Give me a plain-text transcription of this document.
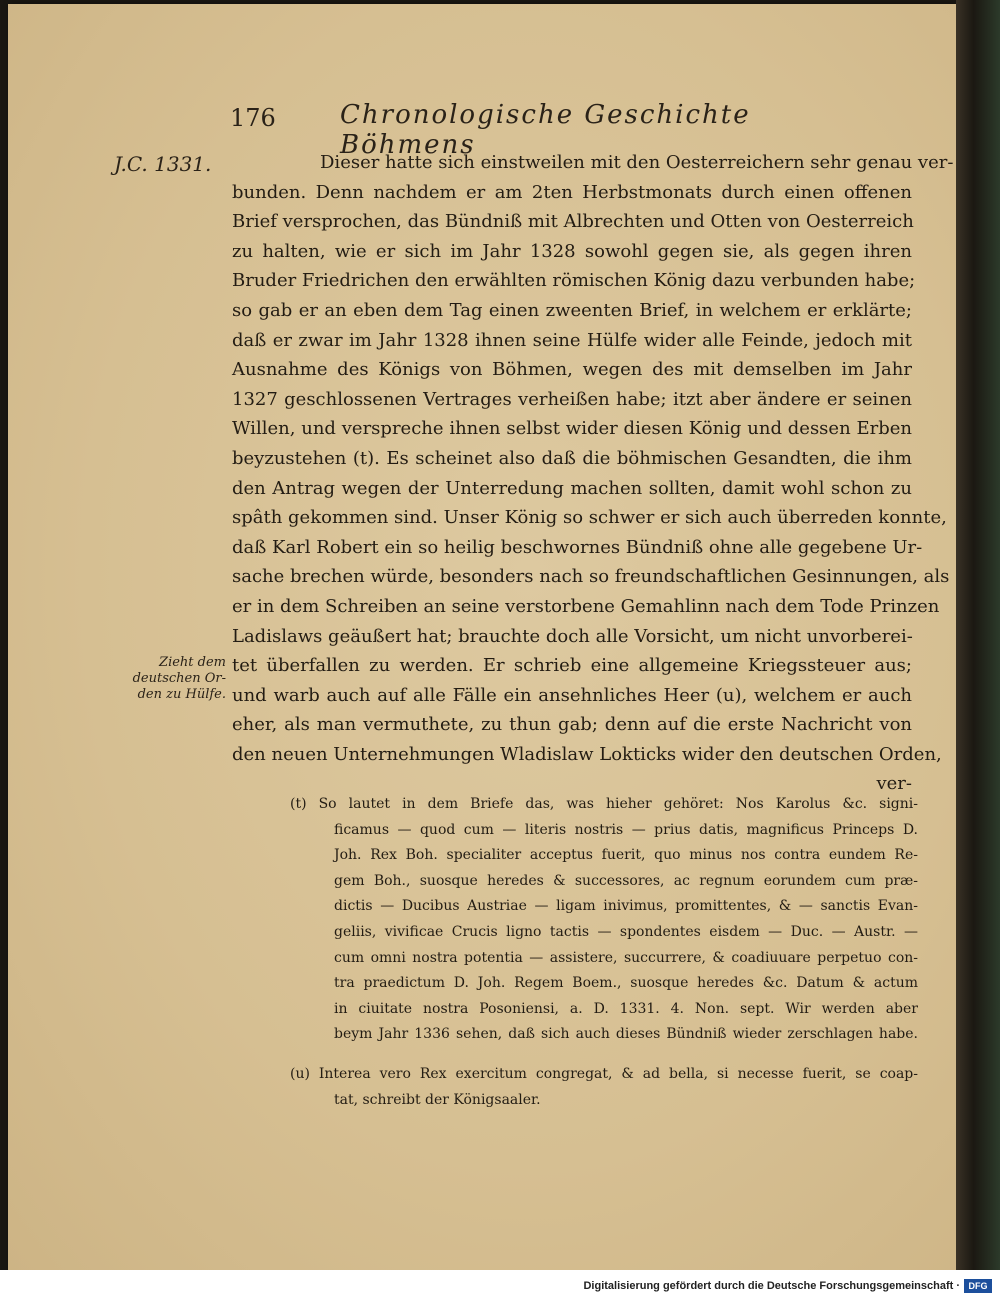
176 Chronologische Geschichte Böhmens
J.C. 1331.
Zieht dem
deutschen Or-
den zu Hülfe.
Dieser hatte sich einstweilen mit den Oesterreichern sehr genau ver-
bunden. Denn nachdem er am 2ten Herbstmonats durch einen offenen
Brief versprochen, das Bündniß mit Albrechten und Otten von Oesterreich
zu halten, wie er sich im Jahr 1328 sowohl gegen sie, als gegen ihren
Bruder Friedrichen den erwählten römischen König dazu verbunden habe;
so gab er an eben dem Tag einen zweenten Brief, in welchem er erklärte;
daß er zwar im Jahr 1328 ihnen seine Hülfe wider alle Feinde, jedoch mit
Ausnahme des Königs von Böhmen, wegen des mit demselben im Jahr
1327 geschlossenen Vertrages verheißen habe; itzt aber ändere er seinen
Willen, und verspreche ihnen selbst wider diesen König und dessen Erben
beyzustehen (t). Es scheinet also daß die böhmischen Gesandten, die ihm
den Antrag wegen der Unterredung machen sollten, damit wohl schon zu
spâth gekommen sind. Unser König so schwer er sich auch überreden konnte,
daß Karl Robert ein so heilig beschwornes Bündniß ohne alle gegebene Ur-
sache brechen würde, besonders nach so freundschaftlichen Gesinnungen, als
er in dem Schreiben an seine verstorbene Gemahlinn nach dem Tode Prinzen
Ladislaws geäußert hat; brauchte doch alle Vorsicht, um nicht unvorberei-
tet überfallen zu werden. Er schrieb eine allgemeine Kriegssteuer aus;
und warb auch auf alle Fälle ein ansehnliches Heer (u), welchem er auch
eher, als man vermuthete, zu thun gab; denn auf die erste Nachricht von
den neuen Unternehmungen Wladislaw Lokticks wider den deutschen Orden,
ver-
(t) So lautet in dem Briefe das, was hieher gehöret: Nos Karolus &c. signi-
ficamus — quod cum — literis nostris — prius datis, magnificus Princeps D.
Joh. Rex Boh. specialiter acceptus fuerit, quo minus nos contra eundem Re-
gem Boh., suosque heredes & successores, ac regnum eorundem cum præ-
dictis — Ducibus Austriae — ligam inivimus, promittentes, & — sanctis Evan-
geliis, vivificae Crucis ligno tactis — spondentes eisdem — Duc. — Austr. —
cum omni nostra potentia — assistere, succurrere, & coadiuuare perpetuo con-
tra praedictum D. Joh. Regem Boem., suosque heredes &c. Datum & actum
in ciuitate nostra Posoniensi, a. D. 1331. 4. Non. sept. Wir werden aber
beym Jahr 1336 sehen, daß sich auch dieses Bündniß wieder zerschlagen habe.
(u) Interea vero Rex exercitum congregat, & ad bella, si necesse fuerit, se coap-
tat, schreibt der Königsaaler.
Digitalisierung gefördert durch die Deutsche Forschungsgemeinschaft · DFG
